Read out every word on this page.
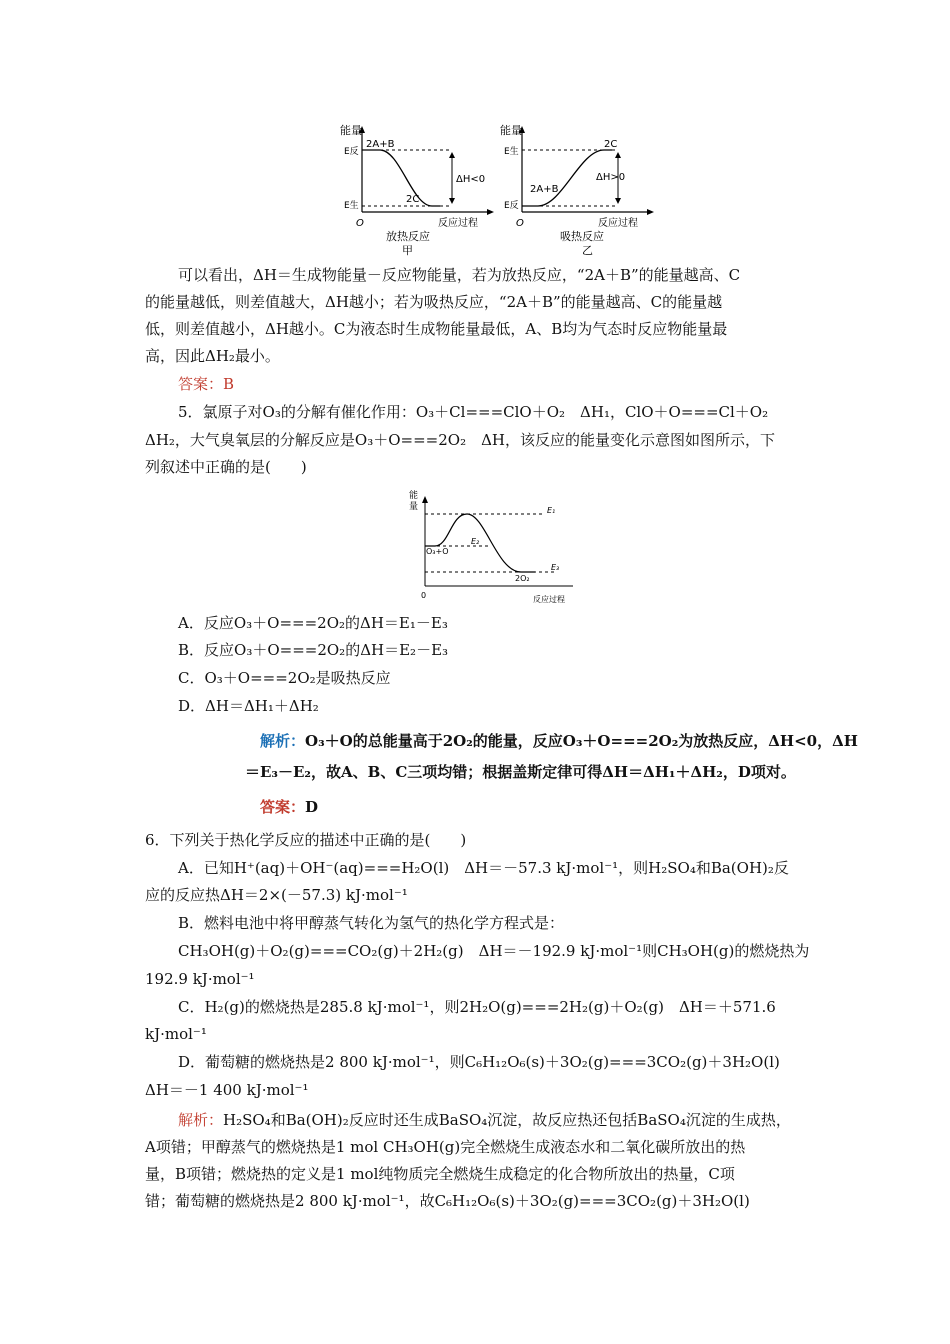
能量
E反
E生
O
2A+B
2C
ΔH<0
反应过程
放热反应
甲
能量
E生
E反
O
2A+B
2C
ΔH>0
反应过程
吸热反应
乙
可以看出，ΔH＝生成物能量－反应物能量，若为放热反应，“2A＋B”的能量越高、C
的能量越低，则差值越大，ΔH越小；若为吸热反应，“2A＋B”的能量越高、C的能量越
低，则差值越小，ΔH越小。C为液态时生成物能量最低，A、B均为气态时反应物能量最
高，因此ΔH₂最小。
答案：B
5．氯原子对O₃的分解有催化作用：O₃＋Cl===ClO＋O₂　ΔH₁，ClO＋O===Cl＋O₂
ΔH₂，大气臭氧层的分解反应是O₃＋O===2O₂　ΔH，该反应的能量变化示意图如图所示，下
列叙述中正确的是(　　)
能
量	E₁
E₂
E₃
O₃+O
2O₂
0	反应过程
A．反应O₃＋O===2O₂的ΔH＝E₁－E₃
B．反应O₃＋O===2O₂的ΔH＝E₂－E₃
C．O₃＋O===2O₂是吸热反应
D．ΔH＝ΔH₁＋ΔH₂
解析：O₃＋O的总能量高于2O₂的能量，反应O₃＋O===2O₂为放热反应，ΔH<0，ΔH
＝E₃－E₂，故A、B、C三项均错；根据盖斯定律可得ΔH＝ΔH₁＋ΔH₂，D项对。
答案：D
6．下列关于热化学反应的描述中正确的是(　　)
A．已知H⁺(aq)＋OH⁻(aq)===H₂O(l)　ΔH＝－57.3 kJ·mol⁻¹，则H₂SO₄和Ba(OH)₂反
应的反应热ΔH＝2×(－57.3) kJ·mol⁻¹
B．燃料电池中将甲醇蒸气转化为氢气的热化学方程式是：
CH₃OH(g)＋O₂(g)===CO₂(g)＋2H₂(g)　ΔH＝－192.9 kJ·mol⁻¹则CH₃OH(g)的燃烧热为
192.9 kJ·mol⁻¹
C．H₂(g)的燃烧热是285.8 kJ·mol⁻¹，则2H₂O(g)===2H₂(g)＋O₂(g)　ΔH＝＋571.6
kJ·mol⁻¹
D．葡萄糖的燃烧热是2 800 kJ·mol⁻¹，则C₆H₁₂O₆(s)＋3O₂(g)===3CO₂(g)＋3H₂O(l)
ΔH＝－1 400 kJ·mol⁻¹
解析：H₂SO₄和Ba(OH)₂反应时还生成BaSO₄沉淀，故反应热还包括BaSO₄沉淀的生成热，
A项错；甲醇蒸气的燃烧热是1 mol CH₃OH(g)完全燃烧生成液态水和二氧化碳所放出的热
量，B项错；燃烧热的定义是1 mol纯物质完全燃烧生成稳定的化合物所放出的热量，C项
错；葡萄糖的燃烧热是2 800 kJ·mol⁻¹，故C₆H₁₂O₆(s)＋3O₂(g)===3CO₂(g)＋3H₂O(l)
